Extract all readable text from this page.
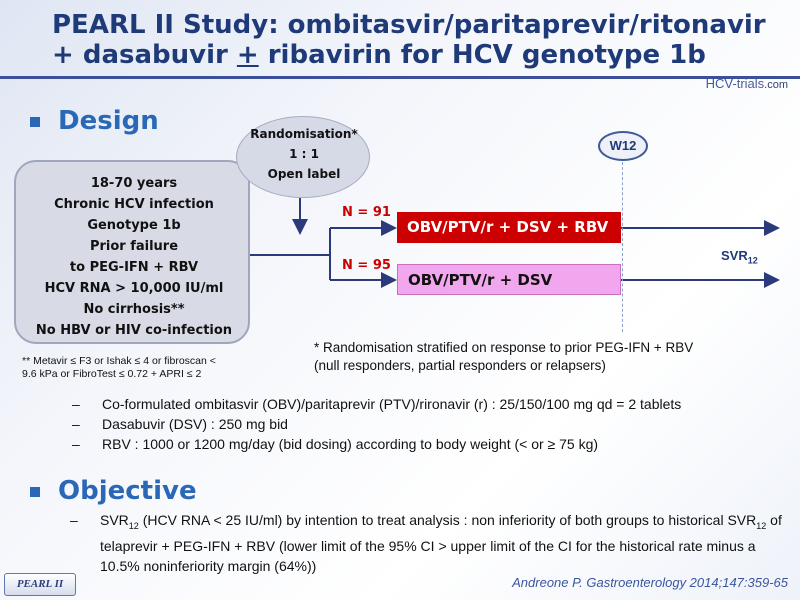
PEARL II Study: ombitasvir/paritaprevir/ritonavir
+ dasabuvir + ribavirin for HCV genotype 1b
HCV-trials.com
Design
18-70 years
Chronic HCV infection
Genotype 1b
Prior failure
to PEG-IFN + RBV
HCV RNA > 10,000 IU/ml
No cirrhosis**
No HBV or HIV co-infection
Randomisation*
1 : 1
Open label
W12
N = 91
OBV/PTV/r + DSV + RBV
N = 95
OBV/PTV/r + DSV
$SVR_{12}$
** Metavir ≤ F3 or Ishak ≤ 4 or fibroscan <
9.6 kPa or FibroTest ≤ 0.72 + APRI ≤ 2
* Randomisation stratified on response to prior PEG-IFN + RBV
(null responders, partial responders or relapsers)
– Co-formulated ombitasvir (OBV)/paritaprevir (PTV)/rironavir (r) : 25/150/100 mg qd = 2 tablets
– Dasabuvir (DSV) : 250 mg bid
– RBV : 1000 or 1200 mg/day (bid dosing) according to body weight (< or ≥ 75 kg)
Objective
– $SVR_{12}$ (HCV RNA < 25 IU/ml) by intention to treat analysis : non inferiority of both groups to historical $SVR_{12}$ of telaprevir + PEG-IFN + RBV (lower limit of the 95% CI > upper limit of the CI for the historical rate minus a 10.5% noninferiority margin (64%))
PEARL II	Andreone P. Gastroenterology 2014;147:359-65
